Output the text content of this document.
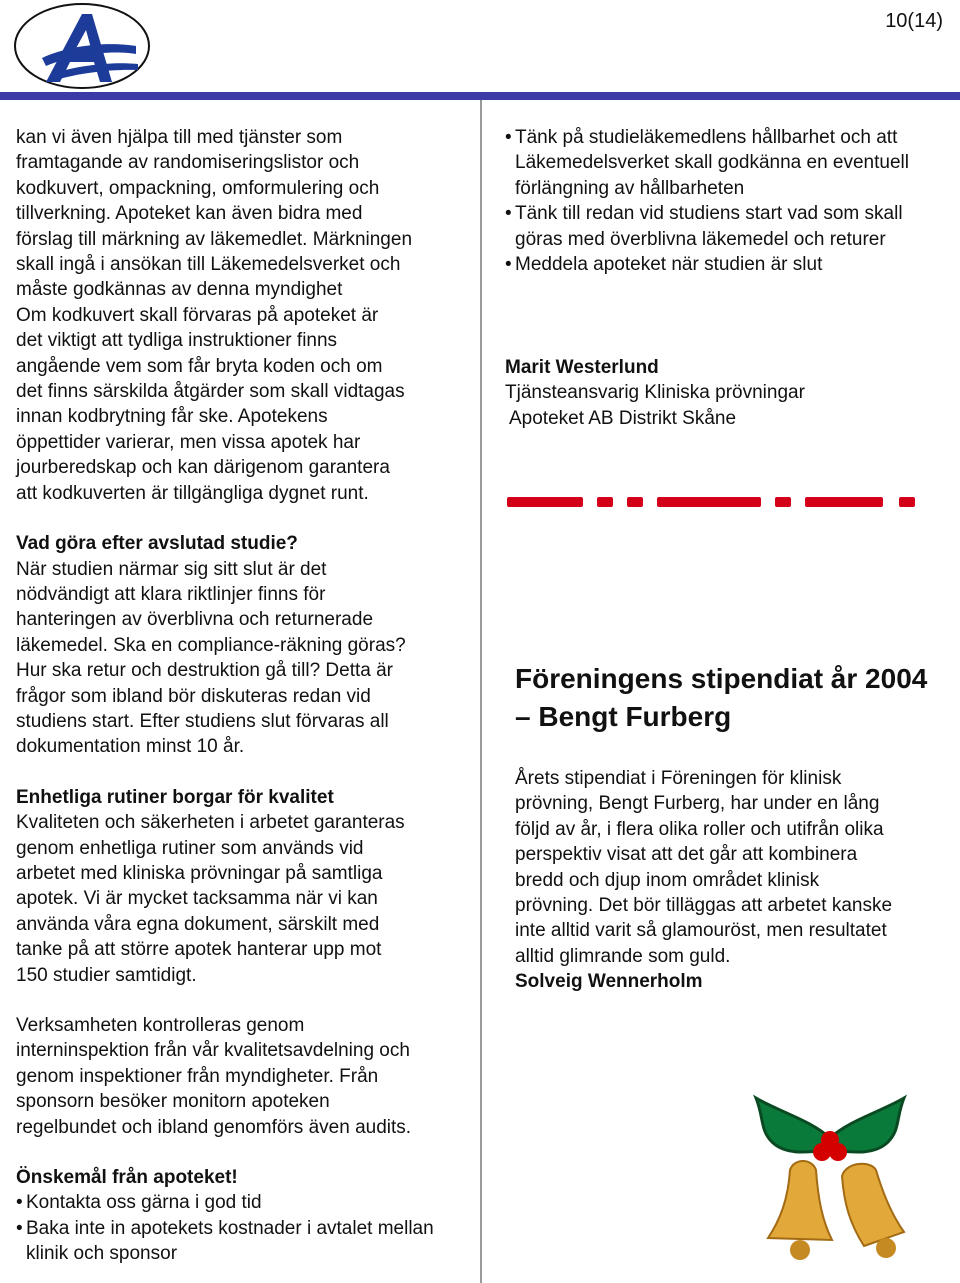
10(14)

kan vi även hjälpa till med tjänster som

framtagande av randomiseringslistor och

kodkuvert, ompackning, omformulering och

tillverkning. Apoteket kan även bidra med

förslag till märkning av läkemedlet. Märkningen

skall ingå i ansökan till Läkemedelsverket och

måste godkännas av denna myndighet

Om kodkuvert skall förvaras på apoteket är

det viktigt att tydliga instruktioner finns

angående vem som får bryta koden och om

det finns särskilda åtgärder som skall vidtagas

innan kodbrytning får ske. Apotekens

öppettider varierar, men vissa apotek har

jourberedskap och kan därigenom garantera

att kodkuverten är tillgängliga dygnet runt.

Vad göra efter avslutad studie?

När studien närmar sig sitt slut är det

nödvändigt att klara riktlinjer finns för

hanteringen av överblivna och returnerade

läkemedel. Ska en compliance-räkning göras?

Hur ska retur och destruktion gå till? Detta är

frågor som ibland bör diskuteras redan vid

studiens start. Efter studiens slut förvaras all

dokumentation minst 10 år.

Enhetliga rutiner borgar för kvalitet

Kvaliteten och säkerheten i arbetet garanteras

genom enhetliga rutiner som används vid

arbetet med kliniska prövningar på samtliga

apotek. Vi är mycket tacksamma när vi kan

använda våra egna dokument, särskilt med

tanke på att större apotek hanterar upp mot

150 studier samtidigt.

Verksamheten kontrolleras genom

interninspektion från vår kvalitetsavdelning och

genom inspektioner från myndigheter. Från

sponsorn besöker monitorn apoteken

regelbundet och ibland genomförs även audits.

Önskemål från apoteket!

• Kontakta oss gärna i god tid
• Baka inte in apotekets kostnader i avtalet mellan klinik och sponsor
• Tänk på studieläkemedlens hållbarhet och att Läkemedelsverket skall godkänna en eventuell förlängning av hållbarheten
• Tänk till redan vid studiens start vad som skall göras med överblivna läkemedel och returer
• Meddela apoteket när studien är slut

Marit Westerlund

Tjänsteansvarig Kliniska prövningar

Apoteket AB Distrikt Skåne

Föreningens stipendiat år 2004

– Bengt Furberg

Årets stipendiat i Föreningen för klinisk

prövning, Bengt Furberg, har under en lång

följd av år, i flera olika roller och utifrån olika

perspektiv visat att det går att kombinera

bredd och djup inom området klinisk

prövning. Det bör tilläggas att arbetet kanske

inte alltid varit så glamouröst, men resultatet

alltid glimrande som guld.

Solveig Wennerholm
